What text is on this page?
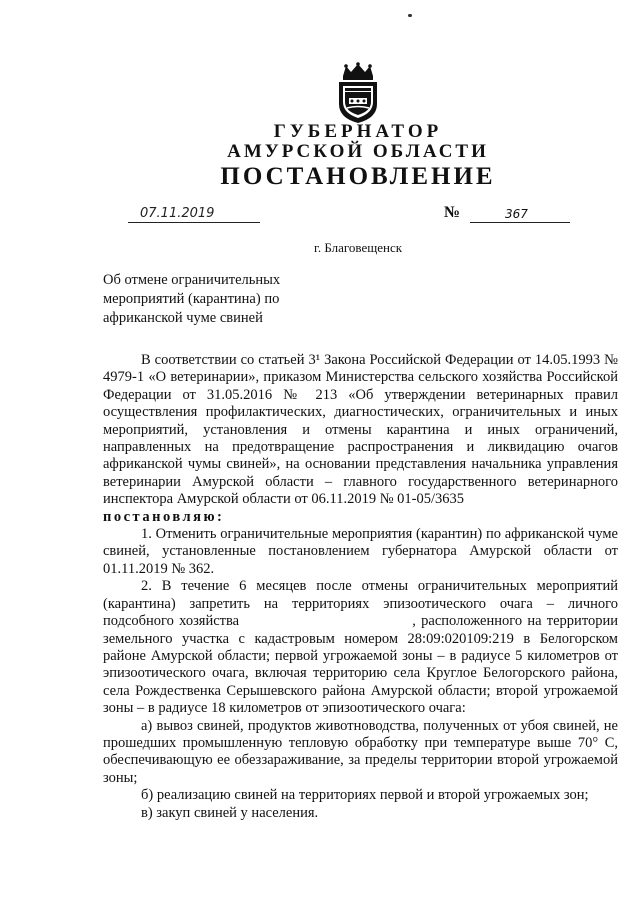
ГУБЕРНАТОР
АМУРСКОЙ ОБЛАСТИ
ПОСТАНОВЛЕНИЕ
07.11.2019	№	367
г. Благовещенск
Об отмене ограничительных мероприятий (карантина) по африканской чуме свиней

В соответствии со статьей 3¹ Закона Российской Федерации от 14.05.1993 № 4979-1 «О ветеринарии», приказом Министерства сельского хозяйства Российской Федерации от 31.05.2016 № 213 «Об утверждении ветеринарных правил осуществления профилактических, диагностических, ограничительных и иных мероприятий, установления и отмены карантина и иных ограничений, направленных на предотвращение распространения и ликвидацию очагов африканской чумы свиней», на основании представления начальника управления ветеринарии Амурской области – главного государственного ветеринарного инспектора Амурской области от 06.11.2019 № 01-05/3635

постановляю:

1. Отменить ограничительные мероприятия (карантин) по африканской чуме свиней, установленные постановлением губернатора Амурской области от 01.11.2019 № 362.

2. В течение 6 месяцев после отмены ограничительных мероприятий (карантина) запретить на территориях эпизоотического очага – личного подсобного хозяйства                                 , расположенного на территории земельного участка с кадастровым номером 28:09:020109:219 в Белогорском районе Амурской области; первой угрожаемой зоны – в радиусе 5 километров от эпизоотического очага, включая территорию села Круглое Белогорского района, села Рождественка Серышевского района Амурской области; второй угрожаемой зоны – в радиусе 18 километров от эпизоотического очага:

а) вывоз свиней, продуктов животноводства, полученных от убоя свиней, не прошедших промышленную тепловую обработку при температуре выше 70° С, обеспечивающую ее обеззараживание, за пределы территории второй угрожаемой зоны;

б) реализацию свиней на территориях первой и второй угрожаемых зон;

в) закуп свиней у населения.
